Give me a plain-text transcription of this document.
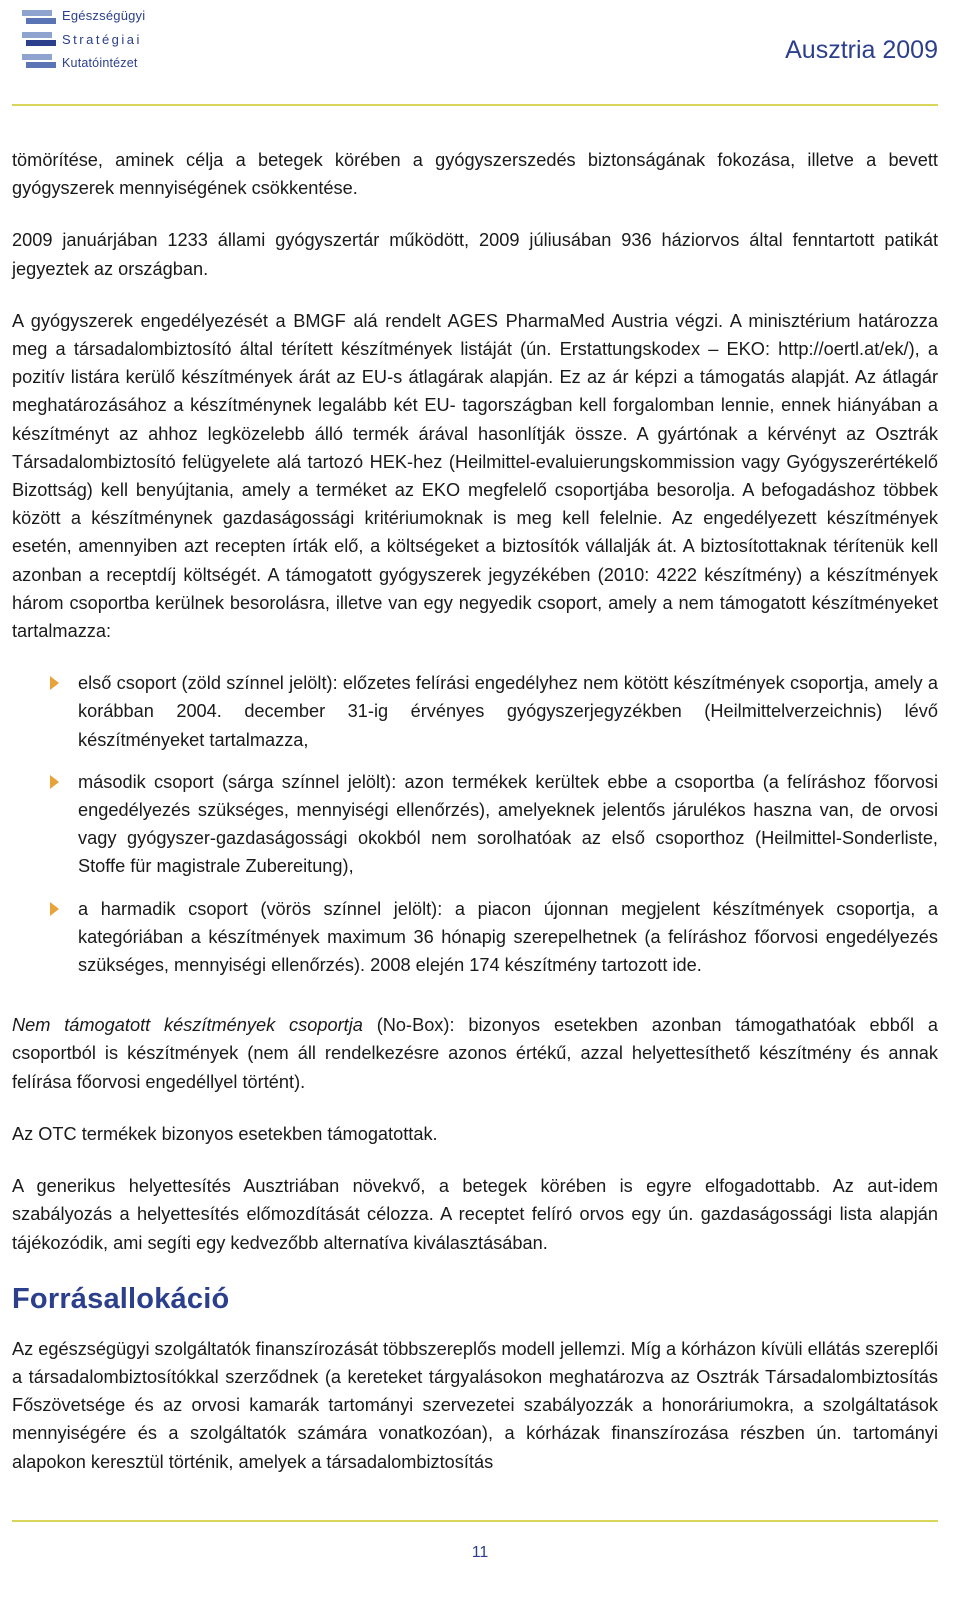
Egészségügyi
Stratégiai
Kutatóintézet	Ausztria 2009

tömörítése, aminek célja a betegek körében a gyógyszerszedés biztonságának fokozása, illetve a bevett gyógyszerek mennyiségének csökkentése.

2009 januárjában 1233 állami gyógyszertár működött, 2009 júliusában 936 háziorvos által fenntartott patikát jegyeztek az országban.

A gyógyszerek engedélyezését a BMGF alá rendelt AGES PharmaMed Austria végzi. A minisztérium határozza meg a társadalombiztosító által térített készítmények listáját (ún. Erstattungskodex – EKO: http://oertl.at/ek/), a pozitív listára kerülő készítmények árát az EU-s átlagárak alapján. Ez az ár képzi a támogatás alapját. Az átlagár meghatározásához a készítménynek legalább két EU- tagországban kell forgalomban lennie, ennek hiányában a készítményt az ahhoz legközelebb álló termék árával hasonlítják össze. A gyártónak a kérvényt az Osztrák Társadalombiztosító felügyelete alá tartozó HEK-hez (Heilmittel-evaluierungskommission vagy Gyógyszerértékelő Bizottság) kell benyújtania, amely a terméket az EKO megfelelő csoportjába besorolja. A befogadáshoz többek között a készítménynek gazdaságossági kritériumoknak is meg kell felelnie. Az engedélyezett készítmények esetén, amennyiben azt recepten írták elő, a költségeket a biztosítók vállalják át. A biztosítottaknak térítenük kell azonban a receptdíj költségét. A támogatott gyógyszerek jegyzékében (2010: 4222 készítmény) a készítmények három csoportba kerülnek besorolásra, illetve van egy negyedik csoport, amely a nem támogatott készítményeket tartalmazza:

első csoport (zöld színnel jelölt): előzetes felírási engedélyhez nem kötött készítmények csoportja, amely a korábban 2004. december 31-ig érvényes gyógyszerjegyzékben (Heilmittelverzeichnis) lévő készítményeket tartalmazza,
második csoport (sárga színnel jelölt): azon termékek kerültek ebbe a csoportba (a felíráshoz főorvosi engedélyezés szükséges, mennyiségi ellenőrzés), amelyeknek jelentős járulékos haszna van, de orvosi vagy gyógyszer-gazdaságossági okokból nem sorolhatóak az első csoporthoz (Heilmittel-Sonderliste, Stoffe für magistrale Zubereitung),
a harmadik csoport (vörös színnel jelölt): a piacon újonnan megjelent készítmények csoportja, a kategóriában a készítmények maximum 36 hónapig szerepelhetnek (a felíráshoz főorvosi engedélyezés szükséges, mennyiségi ellenőrzés). 2008 elején 174 készítmény tartozott ide.

Nem támogatott készítmények csoportja (No-Box): bizonyos esetekben azonban támogathatóak ebből a csoportból is készítmények (nem áll rendelkezésre azonos értékű, azzal helyettesíthető készítmény és annak felírása főorvosi engedéllyel történt).

Az OTC termékek bizonyos esetekben támogatottak.

A generikus helyettesítés Ausztriában növekvő, a betegek körében is egyre elfogadottabb. Az aut-idem szabályozás a helyettesítés előmozdítását célozza. A receptet felíró orvos egy ún. gazdaságossági lista alapján tájékozódik, ami segíti egy kedvezőbb alternatíva kiválasztásában.

Forrásallokáció

Az egészségügyi szolgáltatók finanszírozását többszereplős modell jellemzi. Míg a kórházon kívüli ellátás szereplői a társadalombiztosítókkal szerződnek (a kereteket tárgyalásokon meghatározva az Osztrák Társadalombiztosítás Főszövetsége és az orvosi kamarák tartományi szervezetei szabályozzák a honoráriumokra, a szolgáltatások mennyiségére és a szolgáltatók számára vonatkozóan), a kórházak finanszírozása részben ún. tartományi alapokon keresztül történik, amelyek a társadalombiztosítás

11
